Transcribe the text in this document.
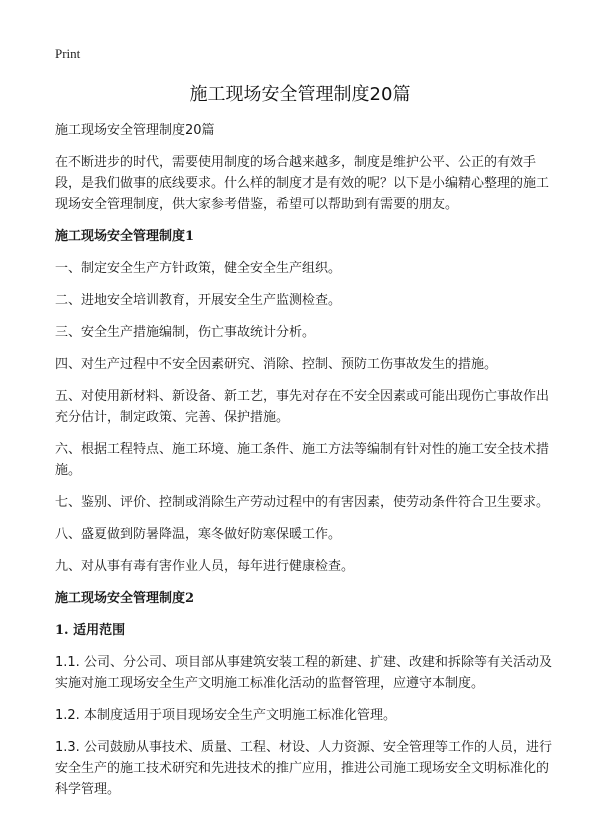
Print
施工现场安全管理制度20篇

施工现场安全管理制度20篇

在不断进步的时代，需要使用制度的场合越来越多，制度是维护公平、公正的有效手段，是我们做事的底线要求。什么样的制度才是有效的呢？以下是小编精心整理的施工现场安全管理制度，供大家参考借鉴，希望可以帮助到有需要的朋友。

施工现场安全管理制度1

一、制定安全生产方针政策，健全安全生产组织。

二、进地安全培训教育，开展安全生产监测检查。

三、安全生产措施编制，伤亡事故统计分析。

四、对生产过程中不安全因素研究、消除、控制、预防工伤事故发生的措施。

五、对使用新材料、新设备、新工艺，事先对存在不安全因素或可能出现伤亡事故作出充分估计，制定政策、完善、保护措施。

六、根据工程特点、施工环境、施工条件、施工方法等编制有针对性的施工安全技术措施。

七、鉴别、评价、控制或消除生产劳动过程中的有害因素，使劳动条件符合卫生要求。

八、盛夏做到防暑降温，寒冬做好防寒保暖工作。

九、对从事有毒有害作业人员，每年进行健康检查。

施工现场安全管理制度2

1. 适用范围

1.1. 公司、分公司、项目部从事建筑安装工程的新建、扩建、改建和拆除等有关活动及实施对施工现场安全生产文明施工标准化活动的监督管理，应遵守本制度。

1.2. 本制度适用于项目现场安全生产文明施工标准化管理。

1.3. 公司鼓励从事技术、质量、工程、材设、人力资源、安全管理等工作的人员，进行安全生产的施工技术研究和先进技术的推广应用，推进公司施工现场安全文明标准化的科学管理。
